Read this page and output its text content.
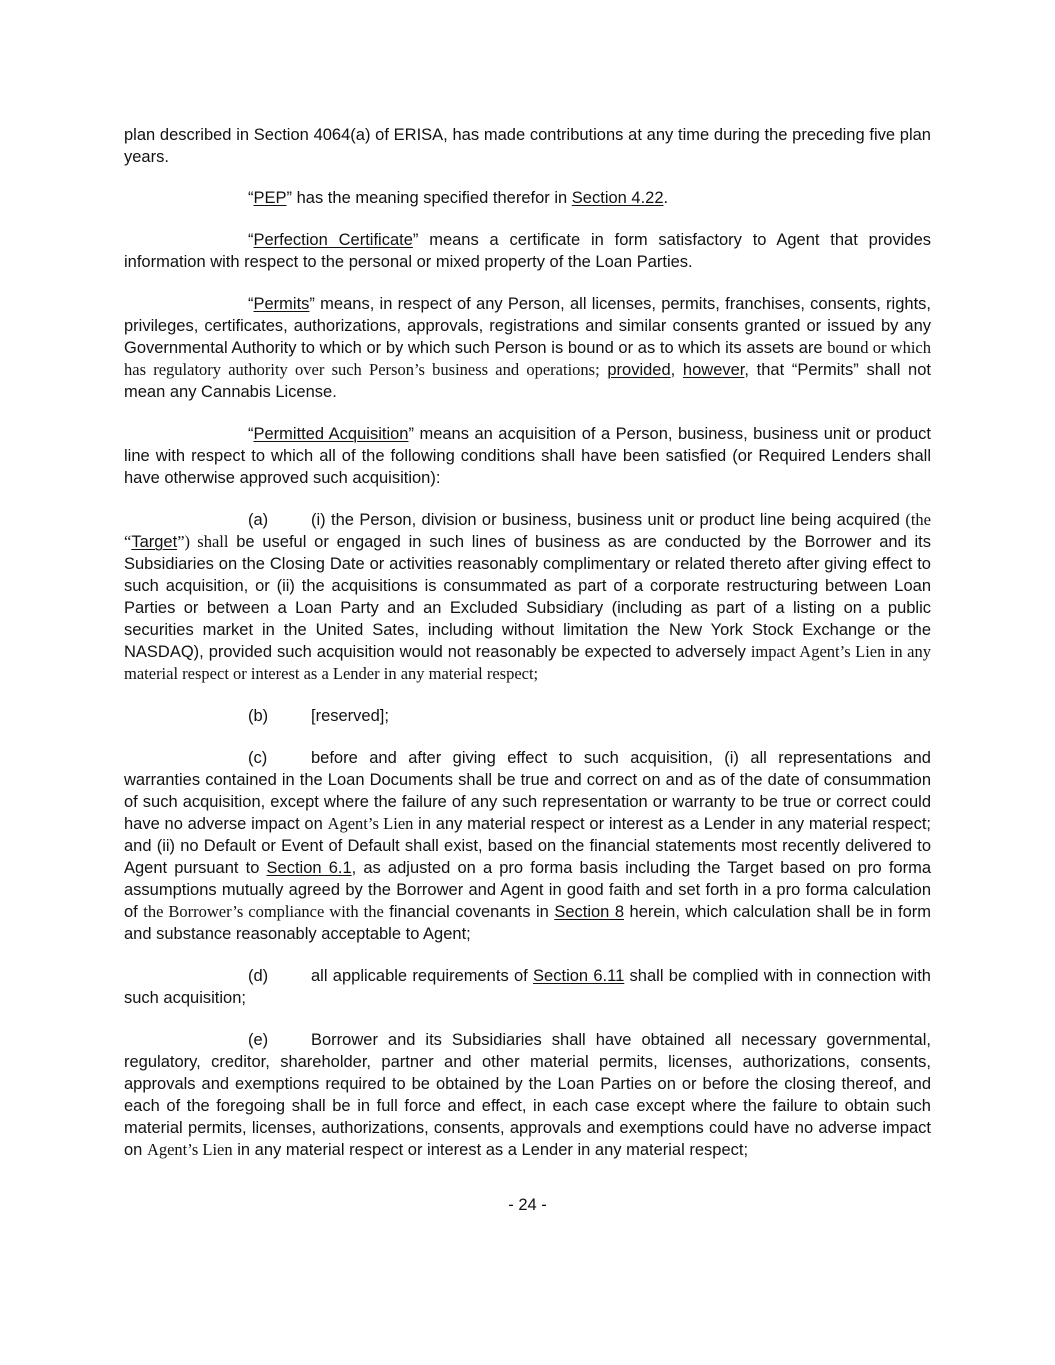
plan described in Section 4064(a) of ERISA, has made contributions at any time during the preceding five plan years.

“PEP” has the meaning specified therefor in Section 4.22.

“Perfection Certificate” means a certificate in form satisfactory to Agent that provides information with respect to the personal or mixed property of the Loan Parties.

“Permits” means, in respect of any Person, all licenses, permits, franchises, consents, rights, privileges, certificates, authorizations, approvals, registrations and similar consents granted or issued by any Governmental Authority to which or by which such Person is bound or as to which its assets are bound or which has regulatory authority over such Person’s business and operations; provided, however, that “Permits” shall not mean any Cannabis License.

“Permitted Acquisition” means an acquisition of a Person, business, business unit or product line with respect to which all of the following conditions shall have been satisfied (or Required Lenders shall have otherwise approved such acquisition):

(a)	(i) the Person, division or business, business unit or product line being acquired (the “Target”) shall be useful or engaged in such lines of business as are conducted by the Borrower and its Subsidiaries on the Closing Date or activities reasonably complimentary or related thereto after giving effect to such acquisition, or (ii) the acquisitions is consummated as part of a corporate restructuring between Loan Parties or between a Loan Party and an Excluded Subsidiary (including as part of a listing on a public securities market in the United Sates, including without limitation the New York Stock Exchange or the NASDAQ), provided such acquisition would not reasonably be expected to adversely impact Agent’s Lien in any material respect or interest as a Lender in any material respect;

(b)	[reserved];

(c)	before and after giving effect to such acquisition, (i) all representations and warranties contained in the Loan Documents shall be true and correct on and as of the date of consummation of such acquisition, except where the failure of any such representation or warranty to be true or correct could have no adverse impact on Agent’s Lien in any material respect or interest as a Lender in any material respect; and (ii) no Default or Event of Default shall exist, based on the financial statements most recently delivered to Agent pursuant to Section 6.1, as adjusted on a pro forma basis including the Target based on pro forma assumptions mutually agreed by the Borrower and Agent in good faith and set forth in a pro forma calculation of the Borrower’s compliance with the financial covenants in Section 8 herein, which calculation shall be in form and substance reasonably acceptable to Agent;

(d)	all applicable requirements of Section 6.11 shall be complied with in connection with such acquisition;

(e)	Borrower and its Subsidiaries shall have obtained all necessary governmental, regulatory, creditor, shareholder, partner and other material permits, licenses, authorizations, consents, approvals and exemptions required to be obtained by the Loan Parties on or before the closing thereof, and each of the foregoing shall be in full force and effect, in each case except where the failure to obtain such material permits, licenses, authorizations, consents, approvals and exemptions could have no adverse impact on Agent’s Lien in any material respect or interest as a Lender in any material respect;

- 24 -
